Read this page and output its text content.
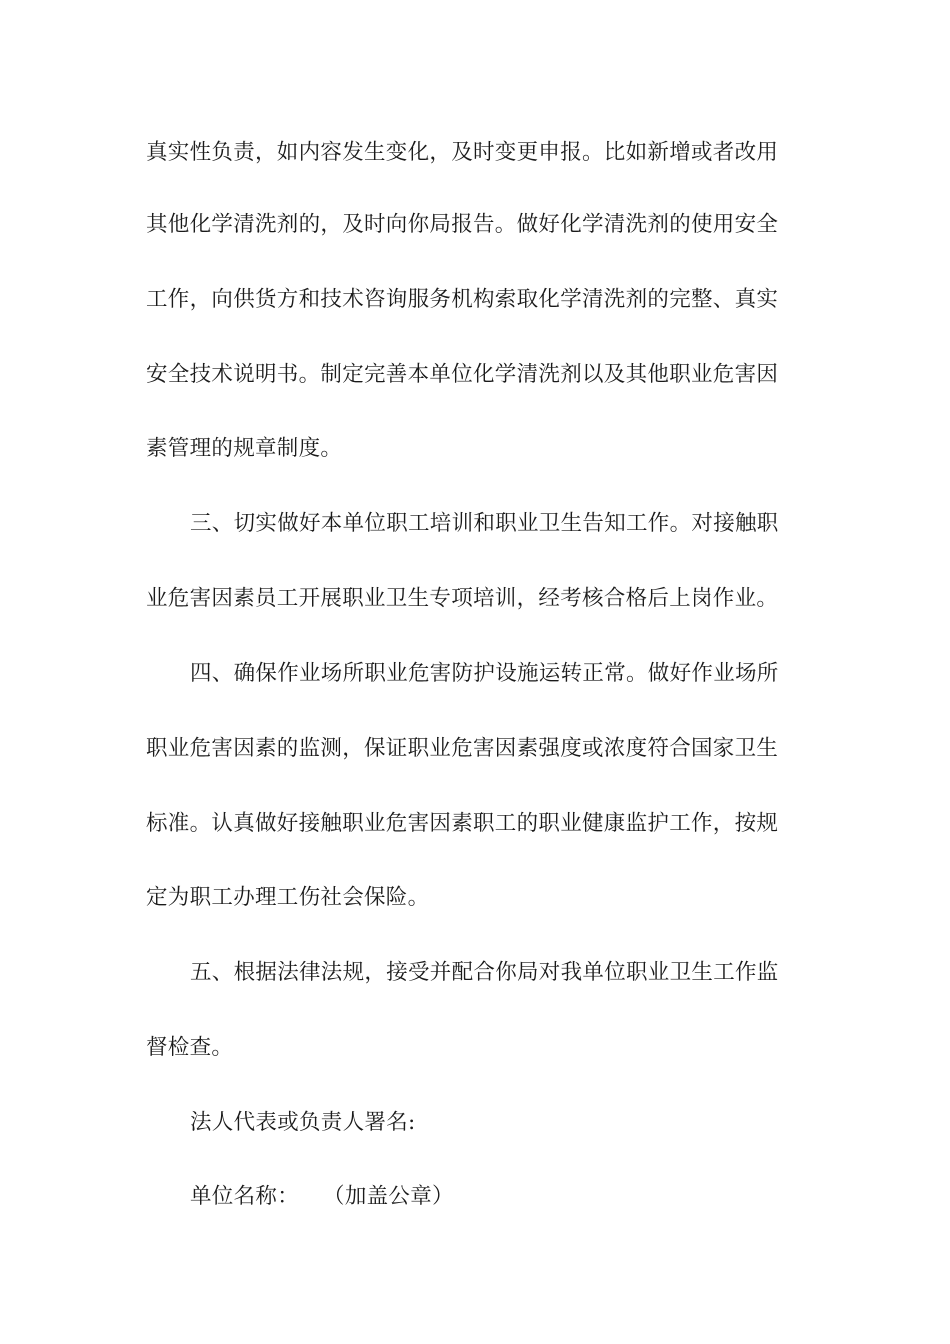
真实性负责，如内容发生变化，及时变更申报。比如新增或者改用
其他化学清洗剂的，及时向你局报告。做好化学清洗剂的使用安全
工作，向供货方和技术咨询服务机构索取化学清洗剂的完整、真实
安全技术说明书。制定完善本单位化学清洗剂以及其他职业危害因
素管理的规章制度。
三、切实做好本单位职工培训和职业卫生告知工作。对接触职
业危害因素员工开展职业卫生专项培训，经考核合格后上岗作业。
四、确保作业场所职业危害防护设施运转正常。做好作业场所
职业危害因素的监测，保证职业危害因素强度或浓度符合国家卫生
标准。认真做好接触职业危害因素职工的职业健康监护工作，按规
定为职工办理工伤社会保险。
五、根据法律法规，接受并配合你局对我单位职业卫生工作监
督检查。
法人代表或负责人署名:
单位名称： （加盖公章）
